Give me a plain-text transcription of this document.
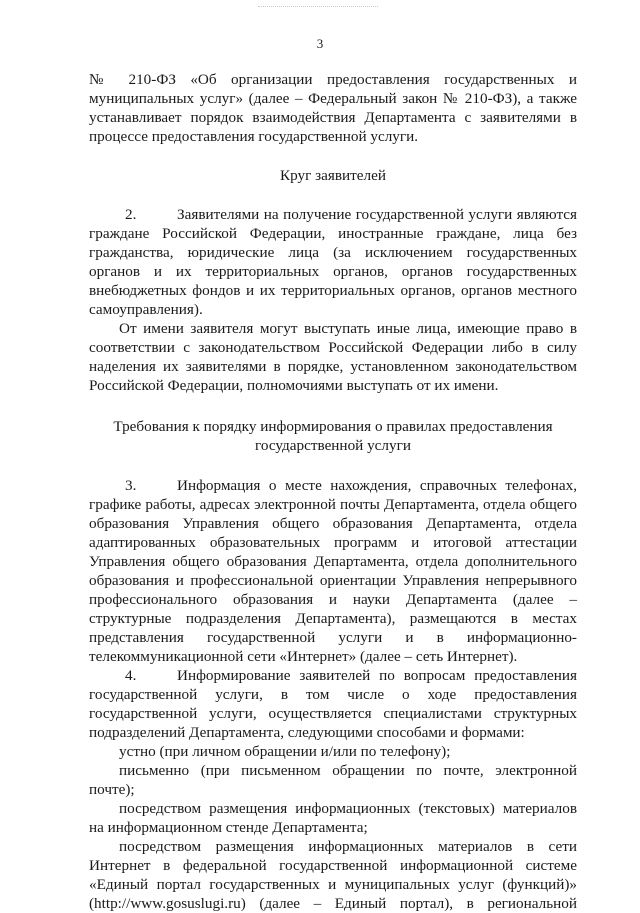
3

№ 210-ФЗ «Об организации предоставления государственных и муниципальных услуг» (далее – Федеральный закон № 210-ФЗ), а также устанавливает порядок взаимодействия Департамента с заявителями в процессе предоставления государственной услуги.

Круг заявителей

2.	Заявителями на получение государственной услуги являются граждане Российской Федерации, иностранные граждане, лица без гражданства, юридические лица (за исключением государственных органов и их территориальных органов, органов государственных внебюджетных фондов и их территориальных органов, органов местного самоуправления).

От имени заявителя могут выступать иные лица, имеющие право в соответствии с законодательством Российской Федерации либо в силу наделения их заявителями в порядке, установленном законодательством Российской Федерации, полномочиями выступать от их имени.

Требования к порядку информирования о правилах предоставления

государственной услуги

3.	Информация о месте нахождения, справочных телефонах, графике работы, адресах электронной почты Департамента, отдела общего образования Управления общего образования Департамента, отдела адаптированных образовательных программ и итоговой аттестации Управления общего образования Департамента, отдела дополнительного образования и профессиональной ориентации Управления непрерывного профессионального образования и науки Департамента (далее – структурные подразделения Департамента), размещаются в местах представления государственной услуги и в информационно-телекоммуникационной сети «Интернет» (далее – сеть Интернет).

4.	Информирование заявителей по вопросам предоставления государственной услуги, в том числе о ходе предоставления государственной услуги, осуществляется специалистами структурных подразделений Департамента, следующими способами и формами:

устно (при личном обращении и/или по телефону);

письменно (при письменном обращении по почте, электронной почте);

посредством размещения информационных (текстовых) материалов на информационном стенде Департамента;

посредством размещения информационных материалов в сети Интернет в федеральной государственной информационной системе «Единый портал государственных и муниципальных услуг (функций)» (http://www.gosuslugi.ru) (далее – Единый портал), в региональной
